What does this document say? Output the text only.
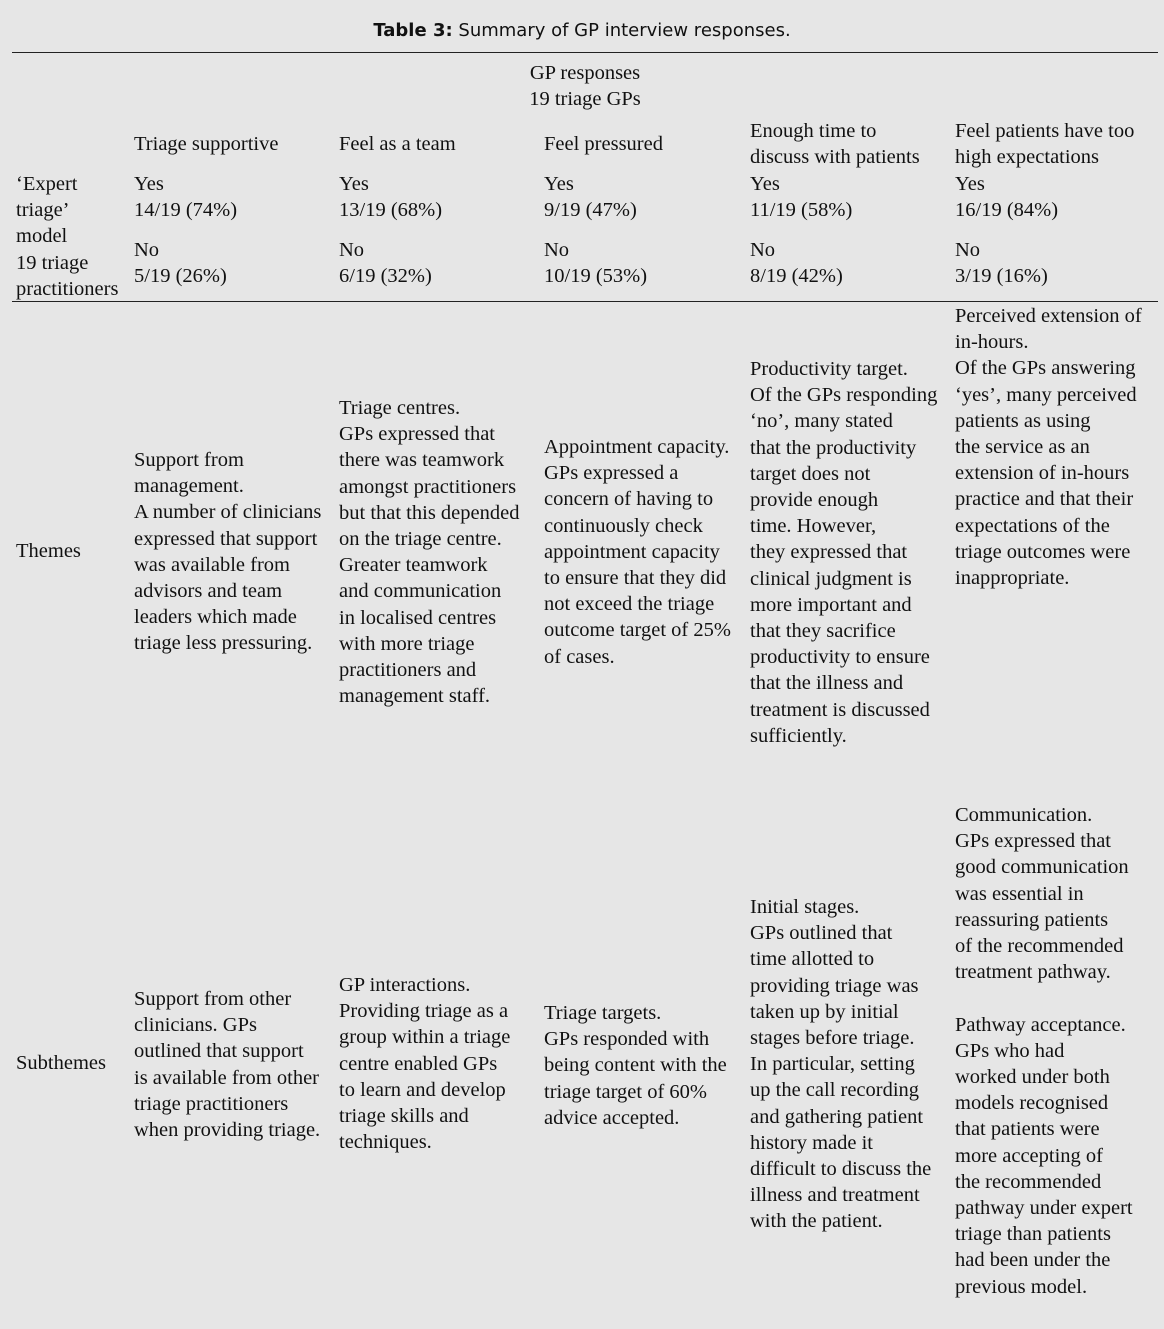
Table 3: Summary of GP interview responses.
GP responses
19 triage GPs
Triage supportive	Feel as a team	Feel pressured
Enough time to
discuss with patients
Feel patients have too
high expectations
‘Expert
triage’
model
19 triage
practitioners
Yes
14/19 (74%)
Yes
13/19 (68%)
Yes
9/19 (47%)
Yes
11/19 (58%)
Yes
16/19 (84%)
No
5/19 (26%)
No
6/19 (32%)
No
10/19 (53%)
No
8/19 (42%)
No
3/19 (16%)
Themes
Support from
management.
A number of clinicians
expressed that support
was available from
advisors and team
leaders which made
triage less pressuring.
Triage centres.
GPs expressed that
there was teamwork
amongst practitioners
but that this depended
on the triage centre.
Greater teamwork
and communication
in localised centres
with more triage
practitioners and
management staff.
Appointment capacity.
GPs expressed a
concern of having to
continuously check
appointment capacity
to ensure that they did
not exceed the triage
outcome target of 25%
of cases.
Productivity target.
Of the GPs responding
‘no’, many stated
that the productivity
target does not
provide enough
time. However,
they expressed that
clinical judgment is
more important and
that they sacrifice
productivity to ensure
that the illness and
treatment is discussed
sufficiently.
Perceived extension of
in-hours.
Of the GPs answering
‘yes’, many perceived
patients as using
the service as an
extension of in-hours
practice and that their
expectations of the
triage outcomes were
inappropriate.
Subthemes
Support from other
clinicians. GPs
outlined that support
is available from other
triage practitioners
when providing triage.
GP interactions.
Providing triage as a
group within a triage
centre enabled GPs
to learn and develop
triage skills and
techniques.
Triage targets.
GPs responded with
being content with the
triage target of 60%
advice accepted.
Initial stages.
GPs outlined that
time allotted to
providing triage was
taken up by initial
stages before triage.
In particular, setting
up the call recording
and gathering patient
history made it
difficult to discuss the
illness and treatment
with the patient.
Communication.
GPs expressed that
good communication
was essential in
reassuring patients
of the recommended
treatment pathway.

Pathway acceptance.
GPs who had
worked under both
models recognised
that patients were
more accepting of
the recommended
pathway under expert
triage than patients
had been under the
previous model.
